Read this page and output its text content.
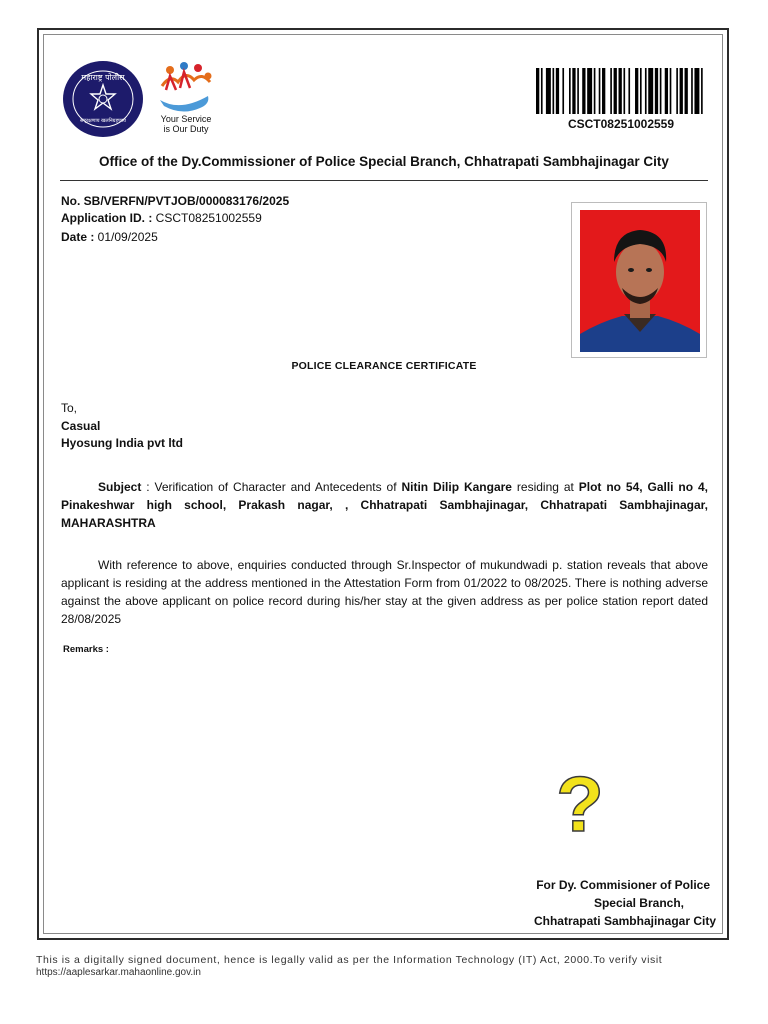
महाराष्ट्र पोलीस
सद्‌रक्षणाय खलनिग्रहणाय	Your Service
is Our Duty	CSCT08251002559
Office of the Dy.Commissioner of Police Special Branch, Chhatrapati Sambhajinagar City
No. SB/VERFN/PVTJOB/000083176/2025
Application ID. : CSCT08251002559
Date : 01/09/2025
POLICE CLEARANCE CERTIFICATE
To,
Casual
Hyosung India pvt ltd
Subject : Verification of Character and Antecedents of Nitin Dilip Kangare residing at Plot no 54, Galli no 4, Pinakeshwar high school, Prakash nagar, , Chhatrapati Sambhajinagar, Chhatrapati Sambhajinagar, MAHARASHTRA
With reference to above, enquiries conducted through Sr.Inspector of mukundwadi p. station reveals that above applicant is residing at the address mentioned in the Attestation Form from 01/2022 to 08/2025. There is nothing adverse against the above applicant on police record during his/her stay at the given address as per police station report dated 28/08/2025
Remarks :
?
For Dy. Commisioner of Police
Special Branch,
Chhatrapati Sambhajinagar City
This is a digitally signed document, hence is legally valid as per the Information Technology (IT) Act, 2000.To verify visit
https://aaplesarkar.mahaonline.gov.in
